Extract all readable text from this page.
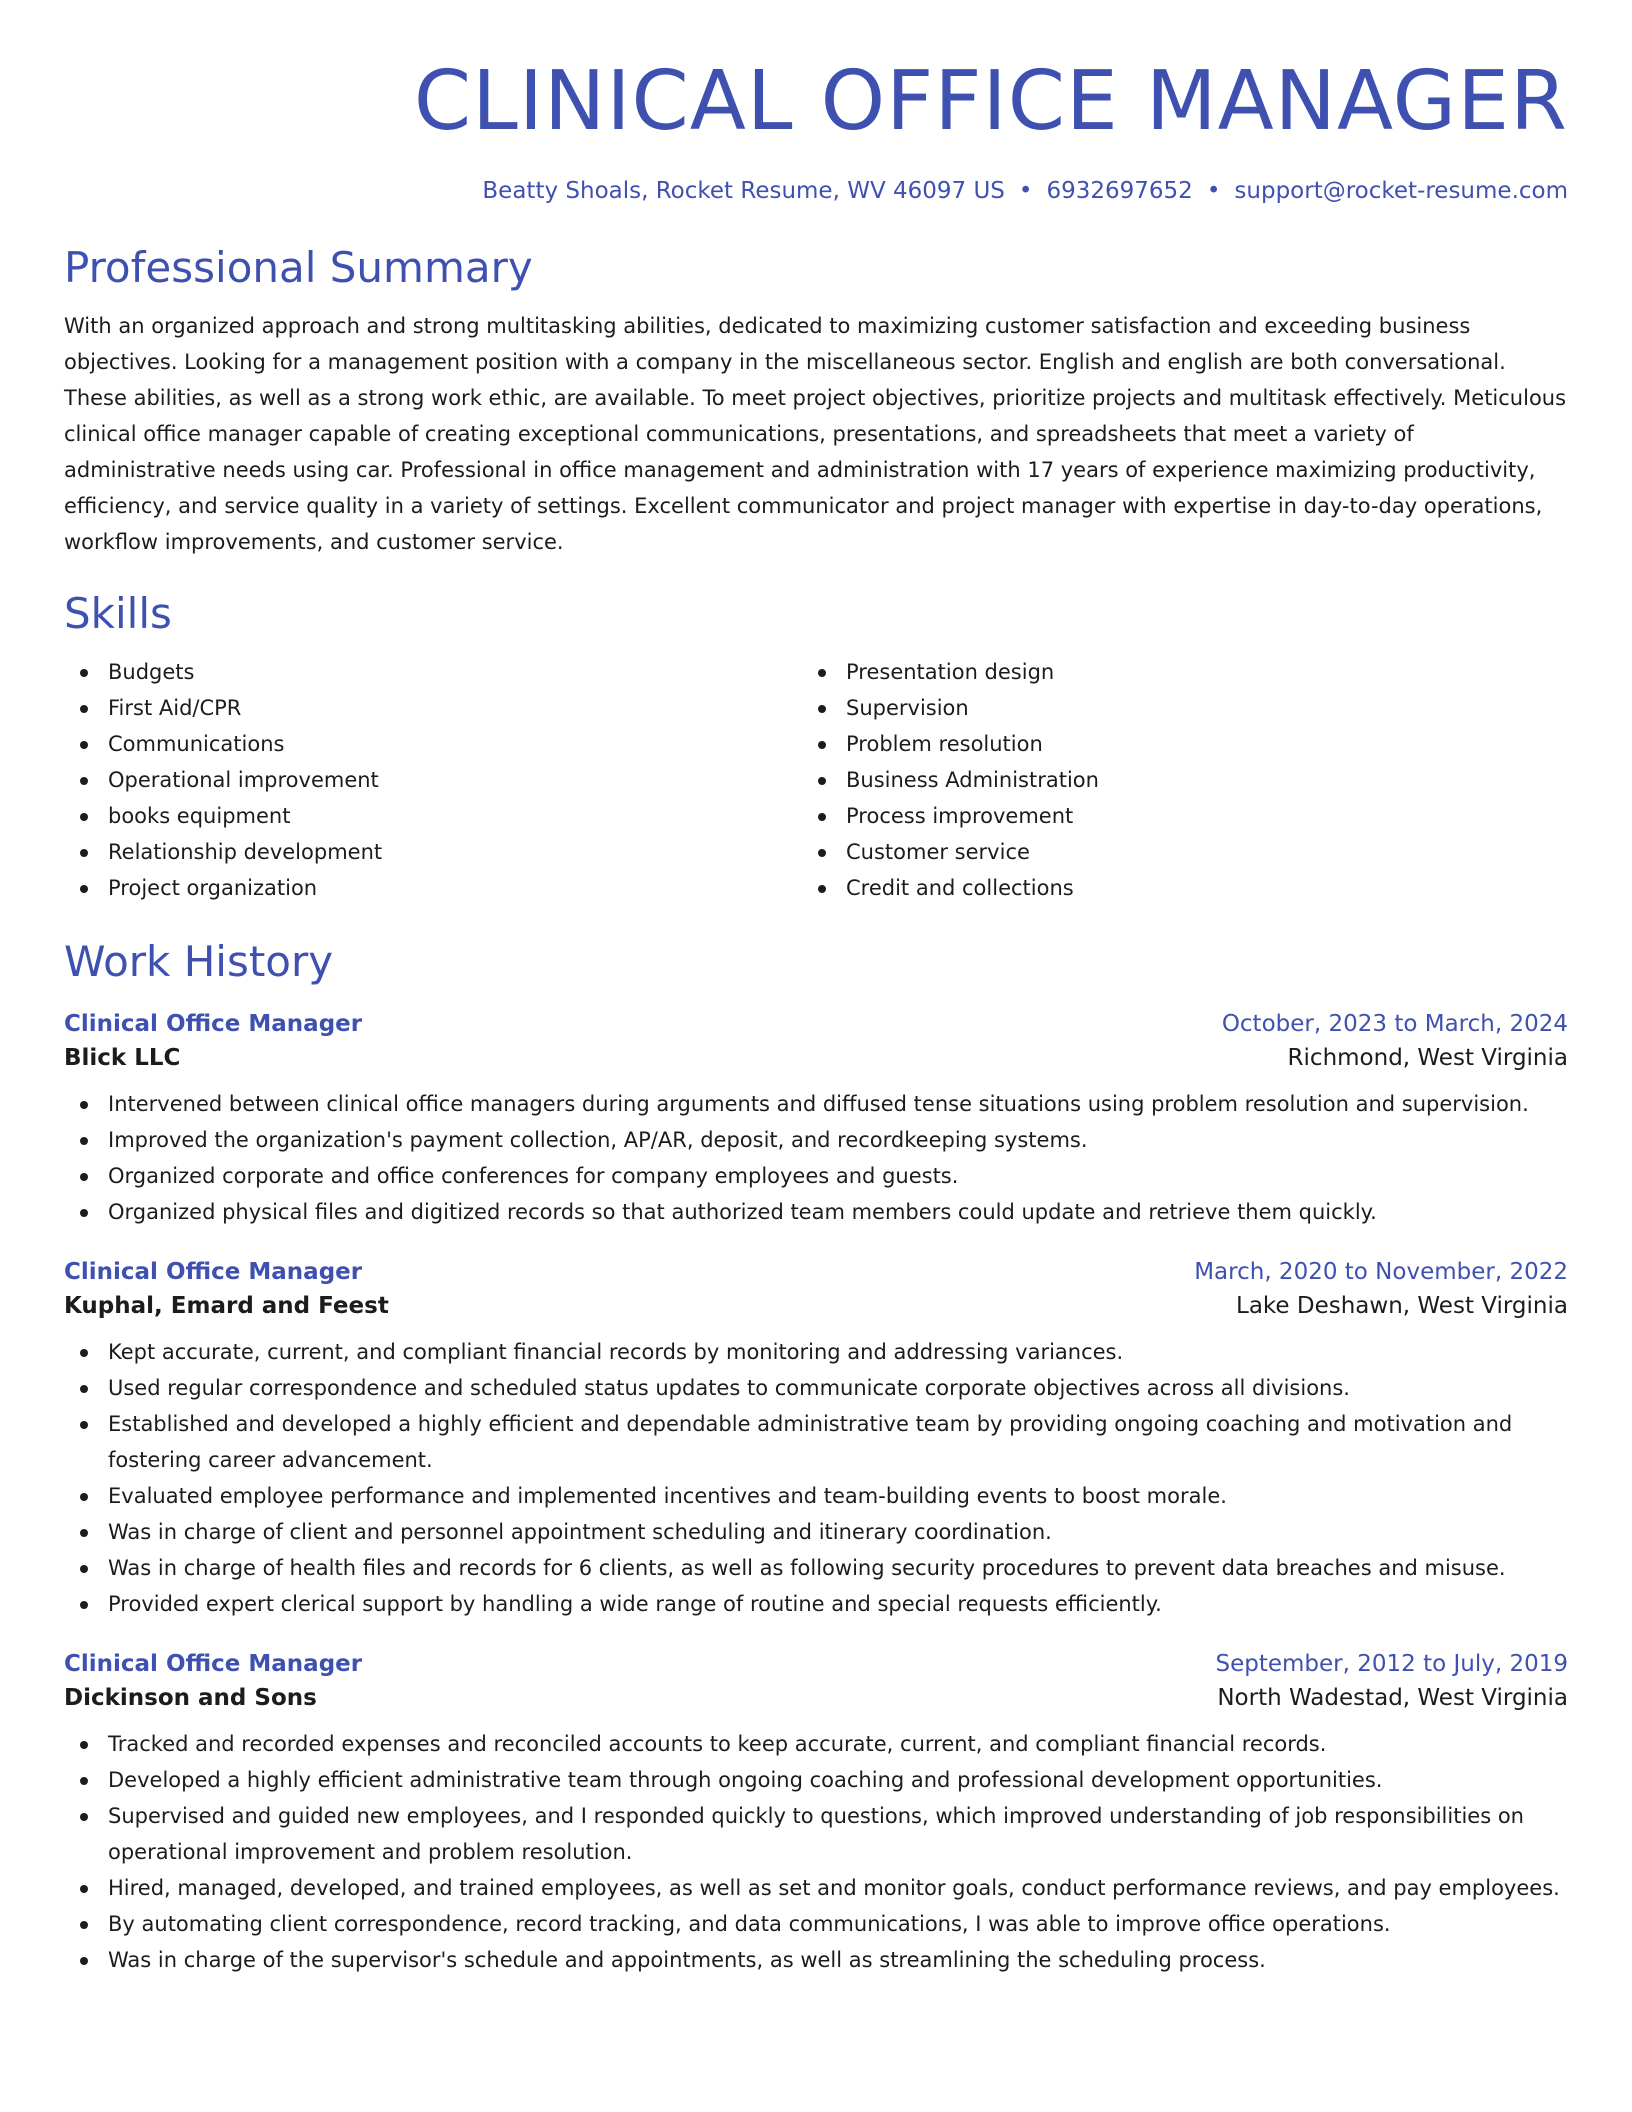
CLINICAL OFFICE MANAGER
Beatty Shoals, Rocket Resume, WV 46097 US • 6932697652 • support@rocket-resume.com
Professional Summary

With an organized approach and strong multitasking abilities, dedicated to maximizing customer satisfaction and exceeding business objectives. Looking for a management position with a company in the miscellaneous sector. English and english are both conversational. These abilities, as well as a strong work ethic, are available. To meet project objectives, prioritize projects and multitask effectively. Meticulous clinical office manager capable of creating exceptional communications, presentations, and spreadsheets that meet a variety of administrative needs using car. Professional in office management and administration with 17 years of experience maximizing productivity, efficiency, and service quality in a variety of settings. Excellent communicator and project manager with expertise in day-to-day operations, workflow improvements, and customer service.

Skills
Budgets
First Aid/CPR
Communications
Operational improvement
books equipment
Relationship development
Project organization
Presentation design
Supervision
Problem resolution
Business Administration
Process improvement
Customer service
Credit and collections
Work History
Clinical Office Manager	October, 2023 to March, 2024
Blick LLC	Richmond, West Virginia
Intervened between clinical office managers during arguments and diffused tense situations using problem resolution and supervision.
Improved the organization's payment collection, AP/AR, deposit, and recordkeeping systems.
Organized corporate and office conferences for company employees and guests.
Organized physical files and digitized records so that authorized team members could update and retrieve them quickly.
Clinical Office Manager	March, 2020 to November, 2022
Kuphal, Emard and Feest	Lake Deshawn, West Virginia
Kept accurate, current, and compliant financial records by monitoring and addressing variances.
Used regular correspondence and scheduled status updates to communicate corporate objectives across all divisions.
Established and developed a highly efficient and dependable administrative team by providing ongoing coaching and motivation and fostering career advancement.
Evaluated employee performance and implemented incentives and team-building events to boost morale.
Was in charge of client and personnel appointment scheduling and itinerary coordination.
Was in charge of health files and records for 6 clients, as well as following security procedures to prevent data breaches and misuse.
Provided expert clerical support by handling a wide range of routine and special requests efficiently.
Clinical Office Manager	September, 2012 to July, 2019
Dickinson and Sons	North Wadestad, West Virginia
Tracked and recorded expenses and reconciled accounts to keep accurate, current, and compliant financial records.
Developed a highly efficient administrative team through ongoing coaching and professional development opportunities.
Supervised and guided new employees, and I responded quickly to questions, which improved understanding of job responsibilities on operational improvement and problem resolution.
Hired, managed, developed, and trained employees, as well as set and monitor goals, conduct performance reviews, and pay employees.
By automating client correspondence, record tracking, and data communications, I was able to improve office operations.
Was in charge of the supervisor's schedule and appointments, as well as streamlining the scheduling process.
